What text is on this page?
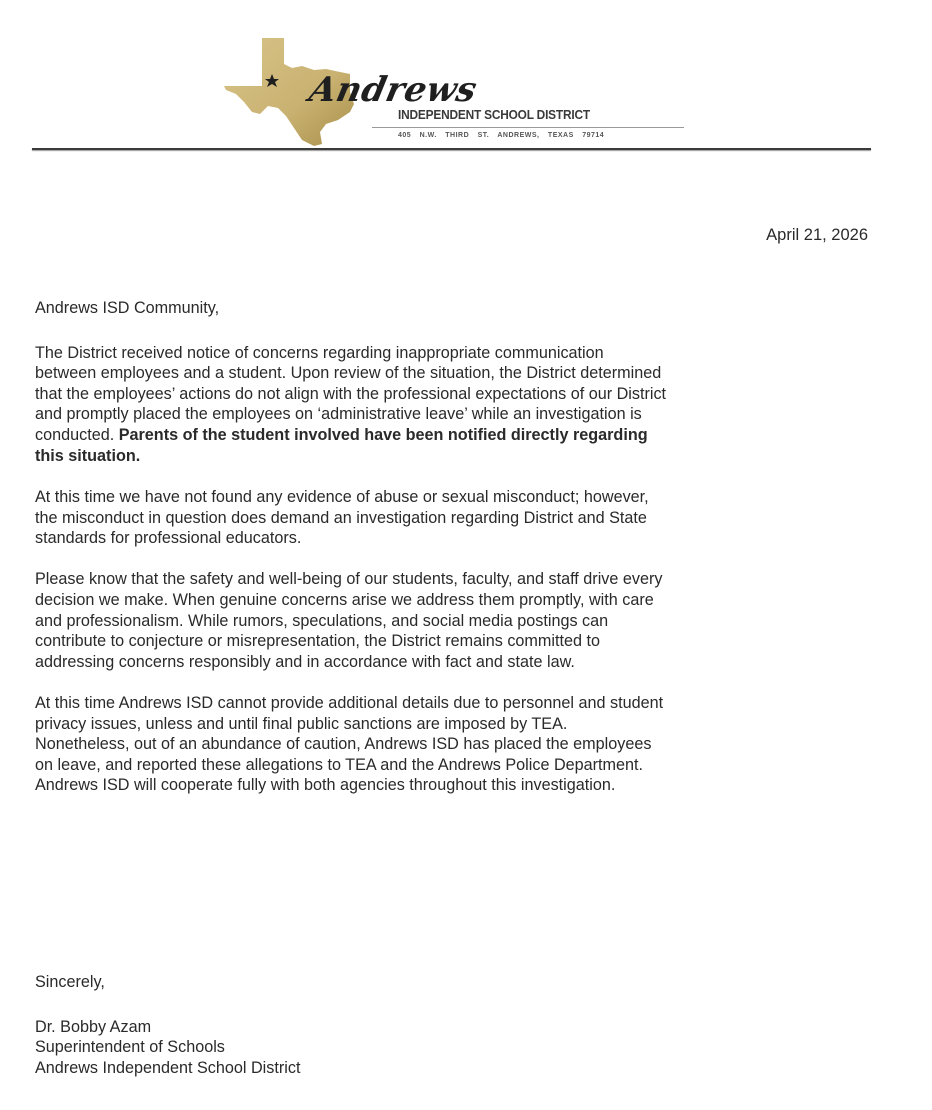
Andrews
INDEPENDENT SCHOOL DISTRICT
405 N.W. THIRD ST. ANDREWS, TEXAS 79714
April 21, 2026
Andrews ISD Community,
The District received notice of concerns regarding inappropriate communication
between employees and a student. Upon review of the situation, the District determined
that the employees’ actions do not align with the professional expectations of our District
and promptly placed the employees on ‘administrative leave’ while an investigation is
conducted. Parents of the student involved have been notified directly regarding
this situation.
At this time we have not found any evidence of abuse or sexual misconduct; however,
the misconduct in question does demand an investigation regarding District and State
standards for professional educators.
Please know that the safety and well-being of our students, faculty, and staff drive every
decision we make. When genuine concerns arise we address them promptly, with care
and professionalism. While rumors, speculations, and social media postings can
contribute to conjecture or misrepresentation, the District remains committed to
addressing concerns responsibly and in accordance with fact and state law.
At this time Andrews ISD cannot provide additional details due to personnel and student
privacy issues, unless and until final public sanctions are imposed by TEA.
Nonetheless, out of an abundance of caution, Andrews ISD has placed the employees
on leave, and reported these allegations to TEA and the Andrews Police Department.
Andrews ISD will cooperate fully with both agencies throughout this investigation.
Sincerely,
Dr. Bobby Azam
Superintendent of Schools
Andrews Independent School District
